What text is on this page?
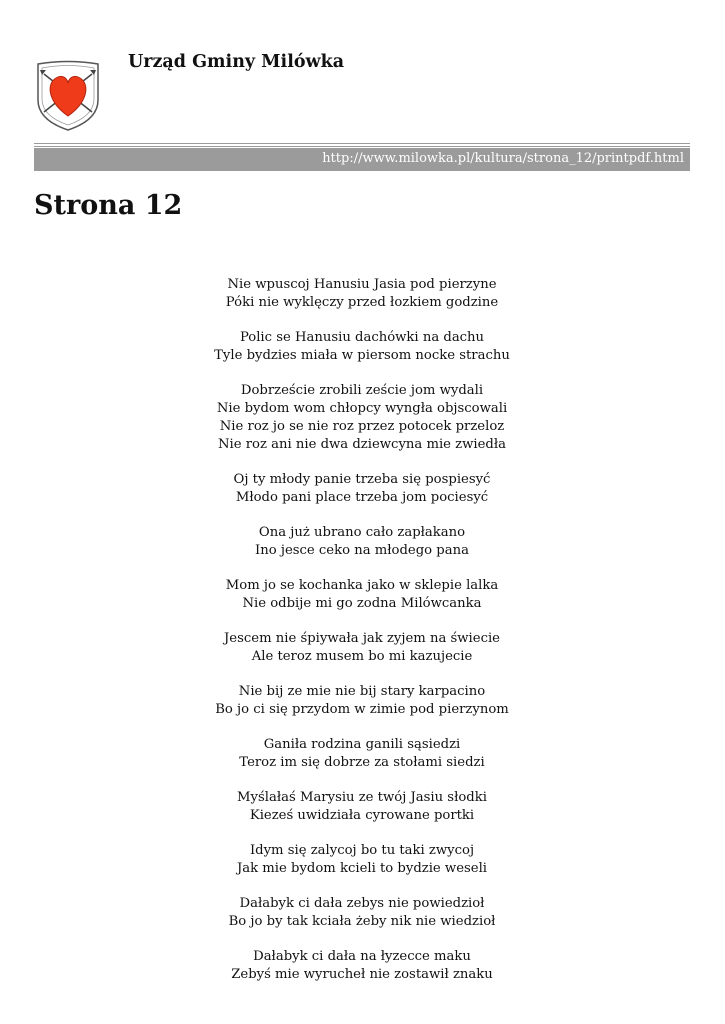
Urząd Gminy Milówka
http://www.milowka.pl/kultura/strona_12/printpdf.html
Strona 12
Nie wpuscoj Hanusiu Jasia pod pierzyne
Póki nie wyklęczy przed łozkiem godzine
Polic se Hanusiu dachówki na dachu
Tyle bydzies miała w piersom nocke strachu
Dobrzeście zrobili zeście jom wydali
Nie bydom wom chłopcy wyngła objscowali
Nie roz jo se nie roz przez potocek przeloz
Nie roz ani nie dwa dziewcyna mie zwiedła
Oj ty młody panie trzeba się pospiesyć
Młodo pani place trzeba jom pociesyć
Ona już ubrano cało zapłakano
Ino jesce ceko na młodego pana
Mom jo se kochanka jako w sklepie lalka
Nie odbije mi go zodna Milówcanka
Jescem nie śpiywała jak zyjem na świecie
Ale teroz musem bo mi kazujecie
Nie bij ze mie nie bij stary karpacino
Bo jo ci się przydom w zimie pod pierzynom
Ganiła rodzina ganili sąsiedzi
Teroz im się dobrze za stołami siedzi
Myślałaś Marysiu ze twój Jasiu słodki
Kieześ uwidziała cyrowane portki
Idym się zalycoj bo tu taki zwycoj
Jak mie bydom kcieli to bydzie weseli
Dałabyk ci dała zebys nie powiedzioł
Bo jo by tak kciała żeby nik nie wiedzioł
Dałabyk ci dała na łyzecce maku
Zebyś mie wyrucheł nie zostawił znaku
